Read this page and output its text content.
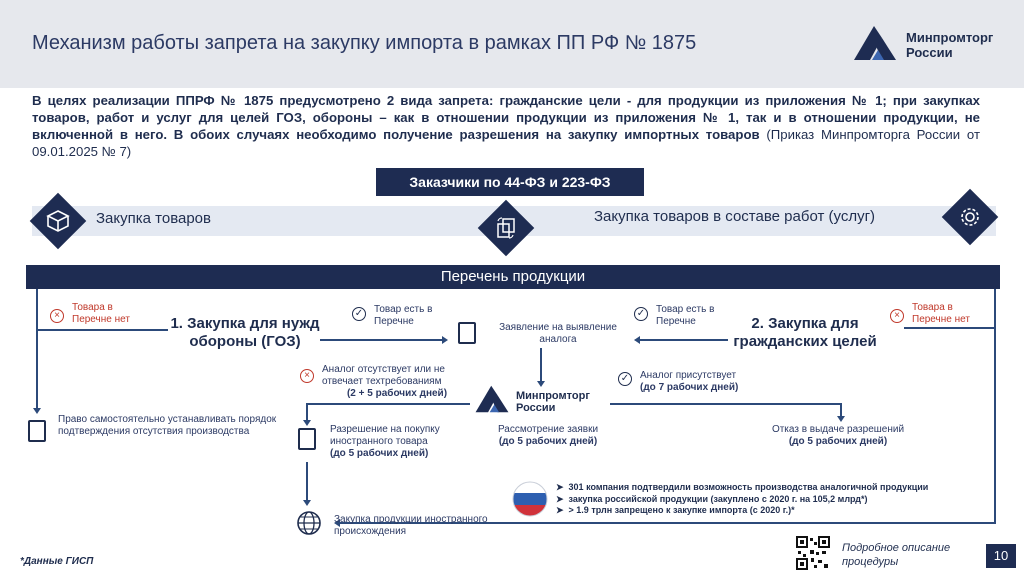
Механизм работы запрета на закупку импорта в рамках ПП РФ № 1875	Минпромторг
России
В целях реализации ППРФ № 1875 предусмотрено 2 вида запрета: гражданские цели - для продукции из приложения № 1; при закупках товаров, работ и услуг для целей ГОЗ, обороны – как в отношении продукции из приложения № 1, так и в отношении продукции, не включенной в него. В обоих случаях необходимо получение разрешения на закупку импортных товаров (Приказ Минпромторга России от 09.01.2025 № 7)
Заказчики по 44-ФЗ и 223-ФЗ
Закупка товаров	Закупка товаров в составе работ (услуг)
Перечень продукции
×
Товара в Перечне нет	1. Закупка для нужд
обороны (ГОЗ)
✓ Товар есть в Перечне
Заявление на выявление аналога
✓ Товар есть в Перечне	2. Закупка для
гражданских целей
×
Товара в Перечне нет
×
Аналог отсутствует или не отвечает техтребованиям
(2 + 5 рабочих дней)	Минпромторг
России
✓ Аналог присутствует
(до 7 рабочих дней)
Право самостоятельно устанавливать порядок подтверждения отсутствия производства	Разрешение на покупку иностранного товара
(до 5 рабочих дней)
Рассмотрение заявки
(до 5 рабочих дней)
Отказ в выдаче разрешений
(до 5 рабочих дней)
➤  301 компания подтвердили возможность производства аналогичной продукции
➤  закупка российской продукции (закуплено с 2020 г. на 105,2 млрд*)
➤  > 1.9 трлн запрещено к закупке импорта (с 2020 г.)*
Закупка продукции иностранного происхождения
*Данные ГИСП
Подробное описание процедуры	10
